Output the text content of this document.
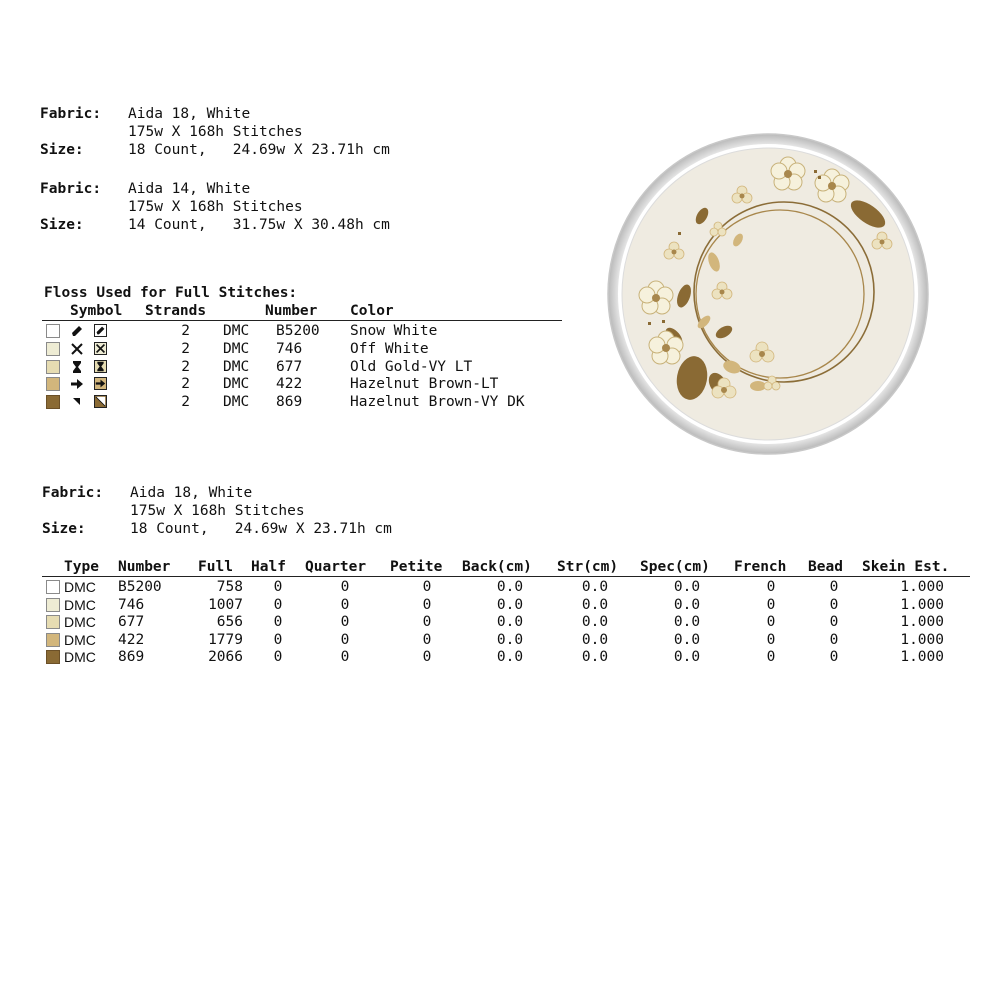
Fabric: Aida 18, White
175w X 168h Stitches
Size:	18 Count,   24.69w X 23.71h cm
Fabric: Aida 14, White
175w X 168h Stitches
Size:	14 Count,   31.75w X 30.48h cm
Floss Used for Full Stitches:
Symbol Strands	Number Color
2 DMC B5200 Snow White
2 DMC 746	Off White
2 DMC 677	Old Gold-VY LT
2 DMC 422	Hazelnut Brown-LT
2 DMC 869	Hazelnut Brown-VY DK
Fabric: Aida 18, White
175w X 168h Stitches
Size:	18 Count,   24.69w X 23.71h cm
Type Number Full Half Quarter Petite Back(cm) Str(cm) Spec(cm) French Bead Skein Est.
DMC B5200	758 0	0	0	0.0	0.0	0.0	0	0	1.000
DMC 746	1007 0	0	0	0.0	0.0	0.0	0	0	1.000
DMC 677	656 0	0	0	0.0	0.0	0.0	0	0	1.000
DMC 422	1779 0	0	0	0.0	0.0	0.0	0	0	1.000
DMC 869	2066 0	0	0	0.0	0.0	0.0	0	0	1.000
